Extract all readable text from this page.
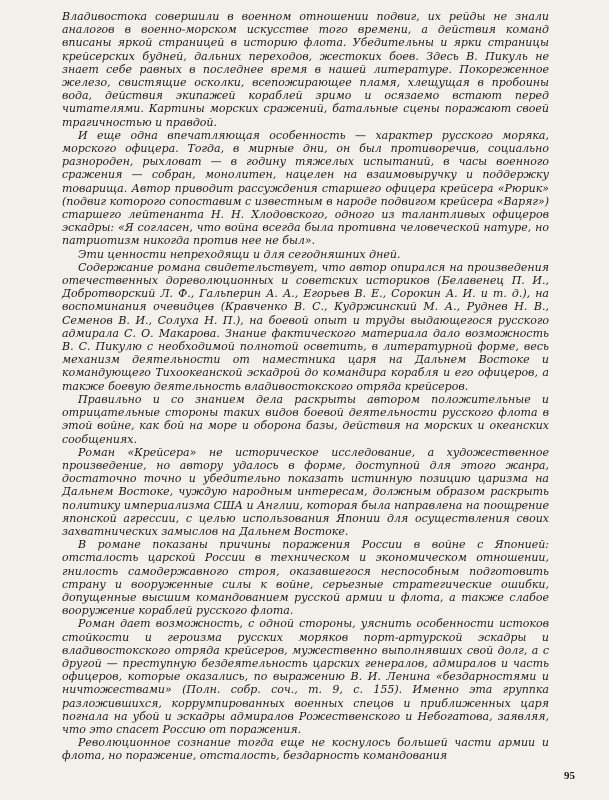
Владивостока совершили в военном отношении подвиг, их рейды не знали аналогов в военно-морском искусстве того времени, а действия команд вписаны яркой страницей в историю флота. Убедительны и ярки страницы крейсерских будней, дальних переходов, жестоких боев. Здесь В. Пикуль не знает себе равных в последнее время в нашей литературе. Покореженное железо, свистящие осколки, всепожирающее пламя, хлещущая в пробоины вода, действия экипажей кораблей зримо и осязаемо встают перед читателями. Картины морских сражений, батальные сцены поражают своей трагичностью и правдой.

И еще одна впечатляющая особенность — характер русского моряка, морского офицера. Тогда, в мирные дни, он был противоречив, социально разнороден, рыхловат — в годину тяжелых испытаний, в часы военного сражения — собран, монолитен, нацелен на взаимовыручку и поддержку товарища. Автор приводит рассуждения старшего офицера крейсера «Рюрик» (подвиг которого сопоставим с известным в народе подвигом крейсера «Варяг») старшего лейтенанта Н. Н. Хлодовского, одного из талантливых офицеров эскадры: «Я согласен, что война всегда была противна человеческой натуре, но патриотизм никогда против нее не был».

Эти ценности непреходящи и для сегодняшних дней.

Содержание романа свидетельствует, что автор опирался на произведения отечественных дореволюционных и советских историков (Белавенец П. И., Добротворский Л. Ф., Гальперин А. А., Егорьев В. Е., Сорокин А. И. и т. д.), на воспоминания очевидцев (Кравченко В. С., Кудржинский М. А., Руднев Н. В., Семенов В. И., Солуха Н. П.), на боевой опыт и труды выдающегося русского адмирала С. О. Макарова. Знание фактического материала дало возможность В. С. Пикулю с необходимой полнотой осветить, в литературной форме, весь механизм деятельности от наместника царя на Дальнем Востоке и командующего Тихоокеанской эскадрой до командира корабля и его офицеров, а также боевую деятельность владивостокского отряда крейсеров.

Правильно и со знанием дела раскрыты автором положительные и отрицательные стороны таких видов боевой деятельности русского флота в этой войне, как бой на море и оборона базы, действия на морских и океанских сообщениях.

Роман «Крейсера» не историческое исследование, а художественное произведение, но автору удалось в форме, доступной для этого жанра, достаточно точно и убедительно показать истинную позицию царизма на Дальнем Востоке, чуждую народным интересам, должным образом раскрыть политику империализма США и Англии, которая была направлена на поощрение японской агрессии, с целью использования Японии для осуществления своих захватнических замыслов на Дальнем Востоке.

В романе показаны причины поражения России в войне с Японией: отсталость царской России в техническом и экономическом отношении, гнилость самодержавного строя, оказавшегося неспособным подготовить страну и вооруженные силы к войне, серьезные стратегические ошибки, допущенные высшим командованием русской армии и флота, а также слабое вооружение кораблей русского флота.

Роман дает возможность, с одной стороны, уяснить особенности истоков стойкости и героизма русских моряков порт-артурской эскадры и владивостокского отряда крейсеров, мужественно выполнявших свой долг, а с другой — преступную бездеятельность царских генералов, адмиралов и часть офицеров, которые оказались, по выражению В. И. Ленина «бездарностями и ничтожествами» (Полн. собр. соч., т. 9, с. 155). Именно эта группка разложившихся, коррумпированных военных спецов и приближенных царя погнала на убой и эскадры адмиралов Рожественского и Небогатова, заявляя, что это спасет Россию от поражения.

Революционное сознание тогда еще не коснулось большей части армии и флота, но поражение, отсталость, бездарность командования

95
